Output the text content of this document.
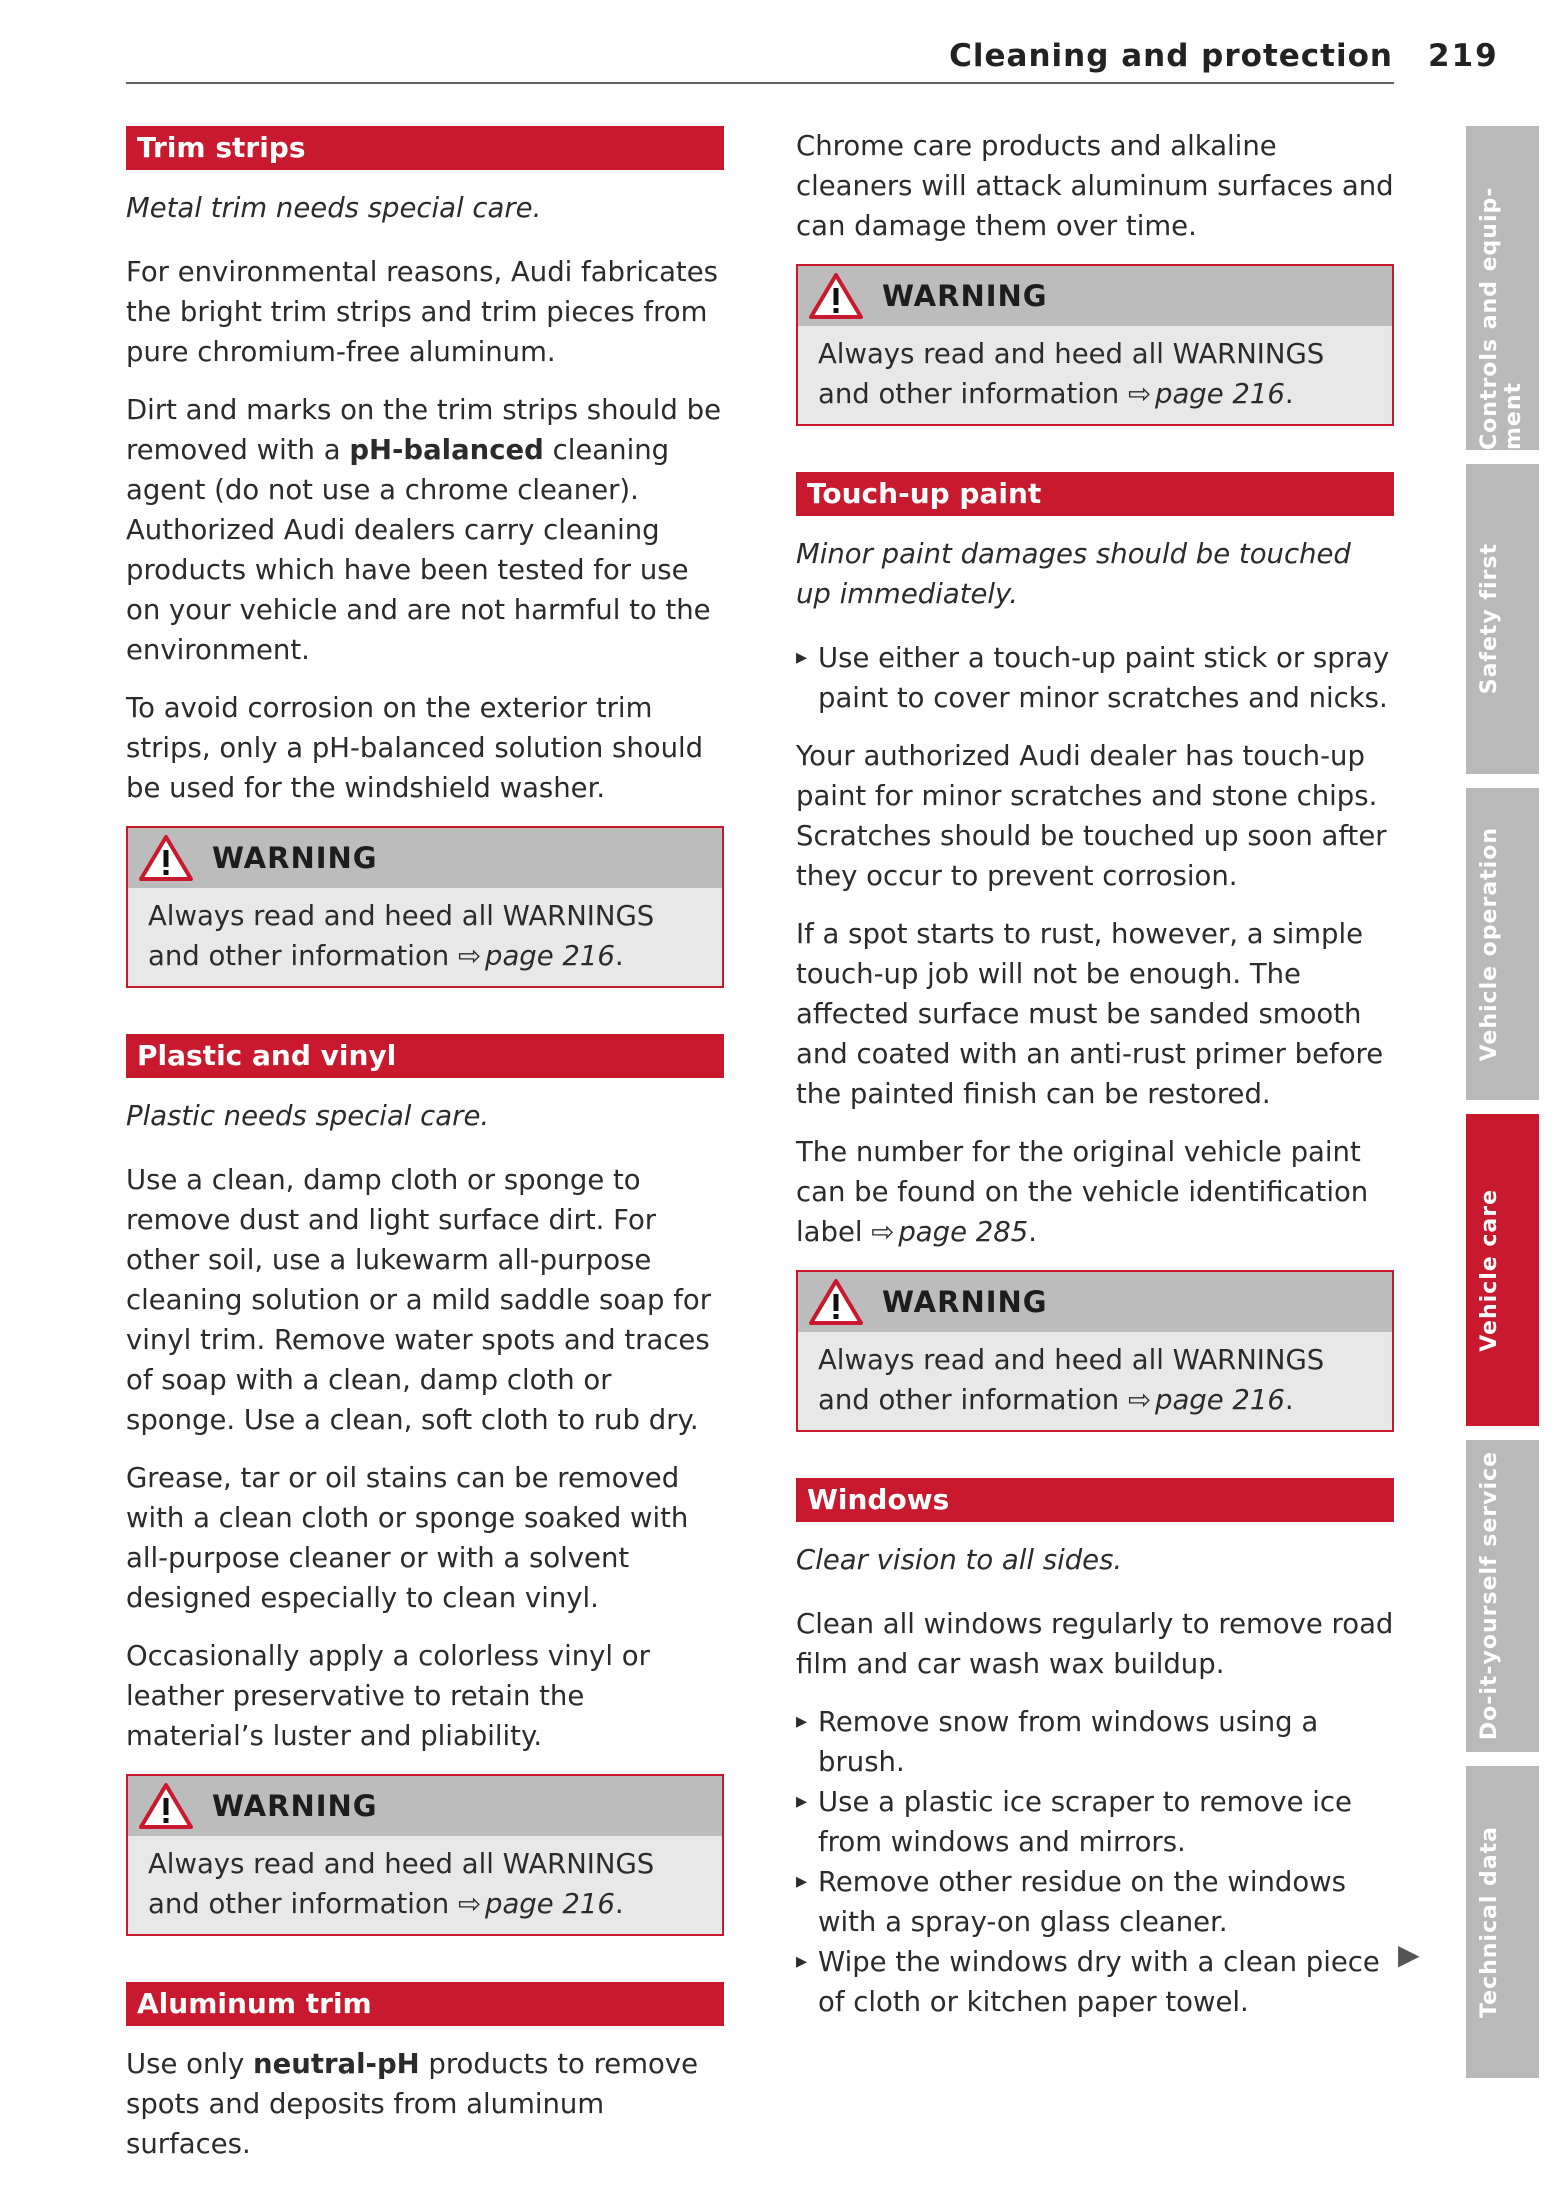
Cleaning and protection 219
Trim strips

Metal trim needs special care.

For environmental reasons, Audi fabricates the bright trim strips and trim pieces from pure chromium-free aluminum.

Dirt and marks on the trim strips should be removed with a pH-balanced cleaning agent (do not use a chrome cleaner). Authorized Audi dealers carry cleaning products which have been tested for use on your vehicle and are not harmful to the environment.

To avoid corrosion on the exterior trim strips, only a pH-balanced solution should be used for the windshield washer.

WARNING
Always read and heed all WARNINGS and other information ⇨ page 216.
Plastic and vinyl

Plastic needs special care.

Use a clean, damp cloth or sponge to remove dust and light surface dirt. For other soil, use a lukewarm all-purpose cleaning solution or a mild saddle soap for vinyl trim. Remove water spots and traces of soap with a clean, damp cloth or sponge. Use a clean, soft cloth to rub dry.

Grease, tar or oil stains can be removed with a clean cloth or sponge soaked with all-purpose cleaner or with a solvent designed especially to clean vinyl.

Occasionally apply a colorless vinyl or leather preservative to retain the material’s luster and pliability.

WARNING
Always read and heed all WARNINGS and other information ⇨ page 216.
Aluminum trim

Use only neutral-pH products to remove spots and deposits from aluminum surfaces.

Chrome care products and alkaline cleaners will attack aluminum surfaces and can damage them over time.

WARNING
Always read and heed all WARNINGS and other information ⇨ page 216.
Touch-up paint

Minor paint damages should be touched up immediately.

▸ Use either a touch-up paint stick or spray paint to cover minor scratches and nicks.

Your authorized Audi dealer has touch-up paint for minor scratches and stone chips. Scratches should be touched up soon after they occur to prevent corrosion.

If a spot starts to rust, however, a simple touch-up job will not be enough. The affected surface must be sanded smooth and coated with an anti-rust primer before the painted finish can be restored.

The number for the original vehicle paint can be found on the vehicle identification label ⇨ page 285.

WARNING
Always read and heed all WARNINGS and other information ⇨ page 216.
Windows

Clear vision to all sides.

Clean all windows regularly to remove road film and car wash wax buildup.

▸ Remove snow from windows using a brush.
▸ Use a plastic ice scraper to remove ice from windows and mirrors.
▸ Remove other residue on the windows with a spray-on glass cleaner.
▸ Wipe the windows dry with a clean piece of cloth or kitchen paper towel.
▶
Controls and equip-ment
Safety first
Vehicle operation
Vehicle care
Do-it-yourself service
Technical data
